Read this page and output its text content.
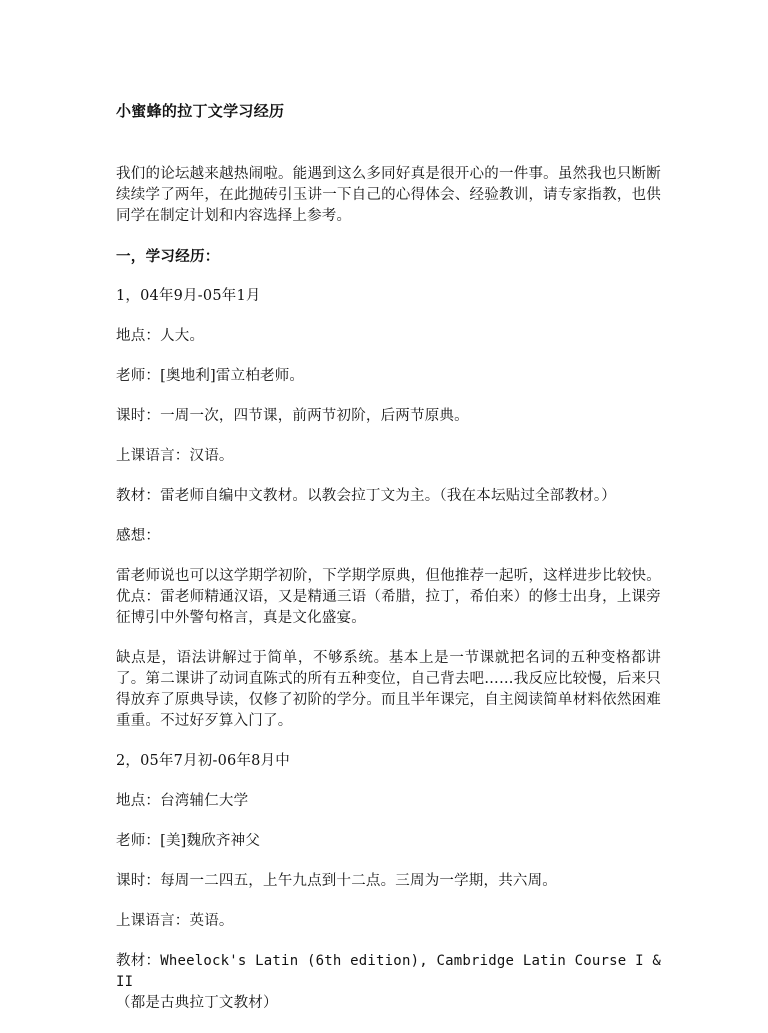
小蜜蜂的拉丁文学习经历

我们的论坛越来越热闹啦。能遇到这么多同好真是很开心的一件事。虽然我也只断断续续学了两年，在此抛砖引玉讲一下自己的心得体会、经验教训，请专家指教，也供同学在制定计划和内容选择上参考。

一，学习经历：

1，04年9月-05年1月

地点：人大。

老师：[奥地利]雷立柏老师。

课时：一周一次，四节课，前两节初阶，后两节原典。

上课语言：汉语。

教材：雷老师自编中文教材。以教会拉丁文为主。（我在本坛贴过全部教材。）

感想：

雷老师说也可以这学期学初阶，下学期学原典，但他推荐一起听，这样进步比较快。优点：雷老师精通汉语，又是精通三语（希腊，拉丁，希伯来）的修士出身，上课旁征博引中外警句格言，真是文化盛宴。

缺点是，语法讲解过于简单，不够系统。基本上是一节课就把名词的五种变格都讲了。第二课讲了动词直陈式的所有五种变位，自己背去吧……我反应比较慢，后来只得放弃了原典导读，仅修了初阶的学分。而且半年课完，自主阅读简单材料依然困难重重。不过好歹算入门了。

2，05年7月初-06年8月中

地点：台湾辅仁大学

老师：[美]魏欣齐神父

课时：每周一二四五，上午九点到十二点。三周为一学期，共六周。

上课语言：英语。

教材：Wheelock's Latin (6th edition), Cambridge Latin Course I & II
（都是古典拉丁文教材）
